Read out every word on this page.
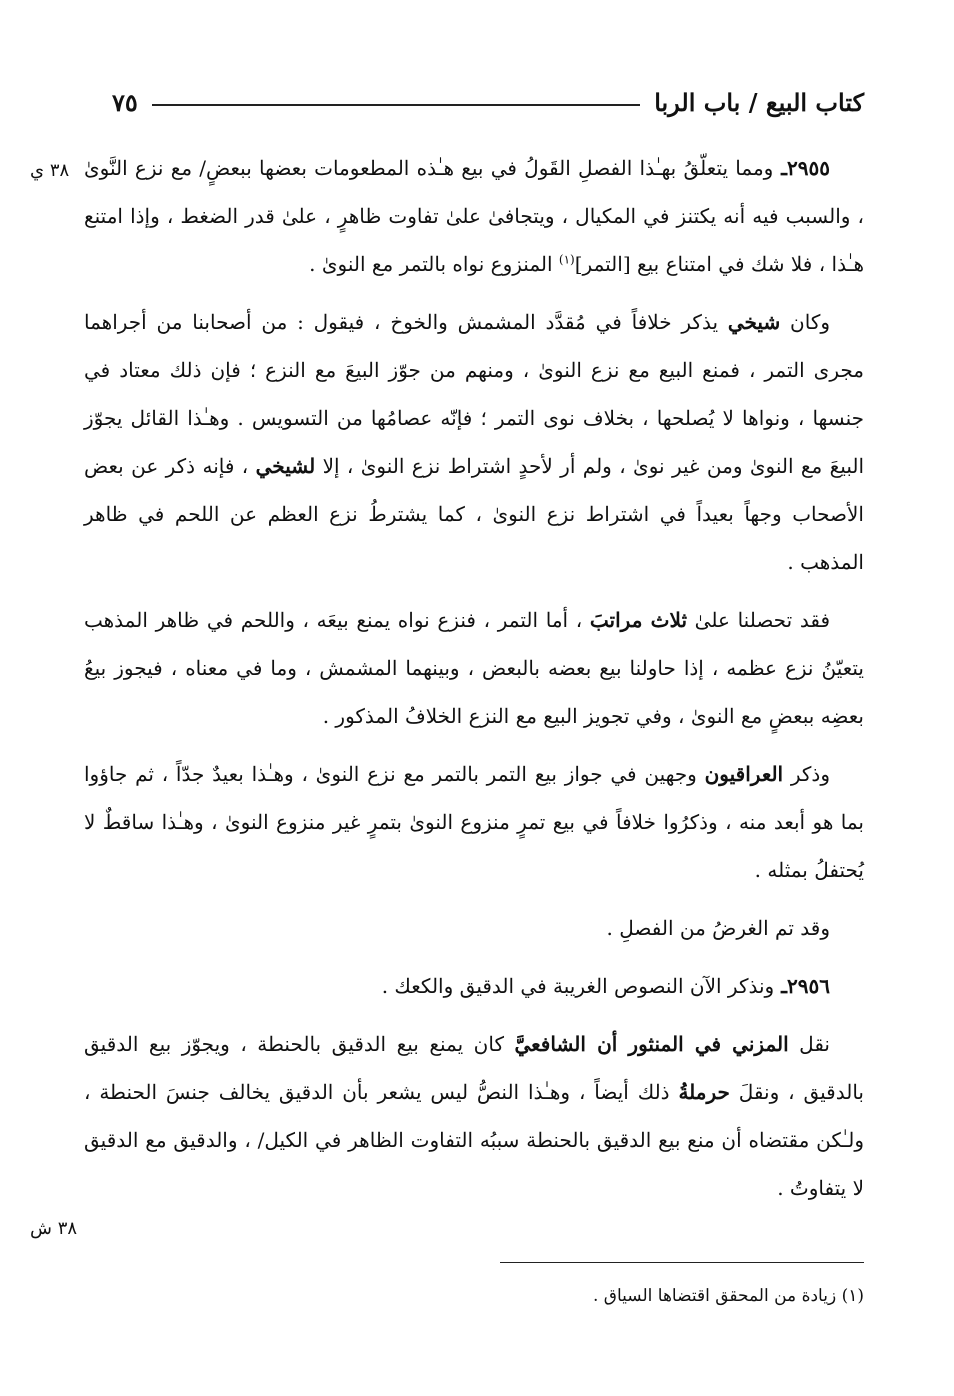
كتاب البيع / باب الربا
٧٥
٣٨ ي
٣٨ ش

٢٩٥٥ـ ومما يتعلّقُ بهـٰذا الفصلِ القَولُ في بيع هـٰذه المطعومات بعضها ببعضٍ/ مع نزع النَّوىٰ ، والسبب فيه أنه يكتنز في المكيال ، ويتجافىٰ علىٰ تفاوت ظاهرٍ ، علىٰ قدر الضغط ، وإذا امتنع هـٰذا ، فلا شك في امتناع بيع [التمر]$^{(١)}$ المنزوع نواه بالتمر مع النوىٰ .

وكان شيخي يذكر خلافاً في مُقدَّد المشمش والخوخ ، فيقول : من أصحابنا من أجراهما مجرى التمر ، فمنع البيع مع نزع النوىٰ ، ومنهم من جوّز البيعَ مع النزع ؛ فإن ذلك معتاد في جنسها ، ونواها لا يُصلحها ، بخلاف نوى التمر ؛ فإنّه عصامُها من التسويس . وهـٰذا القائل يجوّز البيعَ مع النوىٰ ومن غير نوىٰ ، ولم أر لأحدٍ اشتراط نزع النوىٰ ، إلا لشيخي ، فإنه ذكر عن بعض الأصحاب وجهاً بعيداً في اشتراط نزع النوىٰ ، كما يشترطُ نزع العظم عن اللحم في ظاهر المذهب .

فقد تحصلنا علىٰ ثلاث مراتبَ ، أما التمر ، فنزع نواه يمنع بيعَه ، واللحم في ظاهر المذهب يتعيّنُ نزع عظمه ، إذا حاولنا بيع بعضه بالبعض ، وبينهما المشمش ، وما في معناه ، فيجوز بيعُ بعضِه ببعضٍ مع النوىٰ ، وفي تجويز البيع مع النزع الخلافُ المذكور .

وذكر العراقيون وجهين في جواز بيع التمر بالتمر مع نزع النوىٰ ، وهـٰذا بعيدٌ جدّاً ، ثم جاؤوا بما هو أبعد منه ، وذكرُوا خلافاً في بيع تمرٍ منزوع النوىٰ بتمرٍ غير منزوع النوىٰ ، وهـٰذا ساقطٌ لا يُحتفلُ بمثله .

وقد تم الغرضُ من الفصلِ .

٢٩٥٦ـ ونذكر الآن النصوص الغريبة في الدقيق والكعك .

نقل المزني في المنثور أن الشافعيَّ كان يمنع بيع الدقيق بالحنطة ، ويجوّز بيع الدقيق بالدقيق ، ونقلَ حرملةُ ذلك أيضاً ، وهـٰذا النصُّ ليس يشعر بأن الدقيق يخالف جنسَ الحنطة ، ولـٰكن مقتضاه أن منع بيع الدقيق بالحنطة سببُه التفاوت الظاهر في الكيل/ ، والدقيق مع الدقيق لا يتفاوتُ .

(١) زيادة من المحقق اقتضاها السياق .
